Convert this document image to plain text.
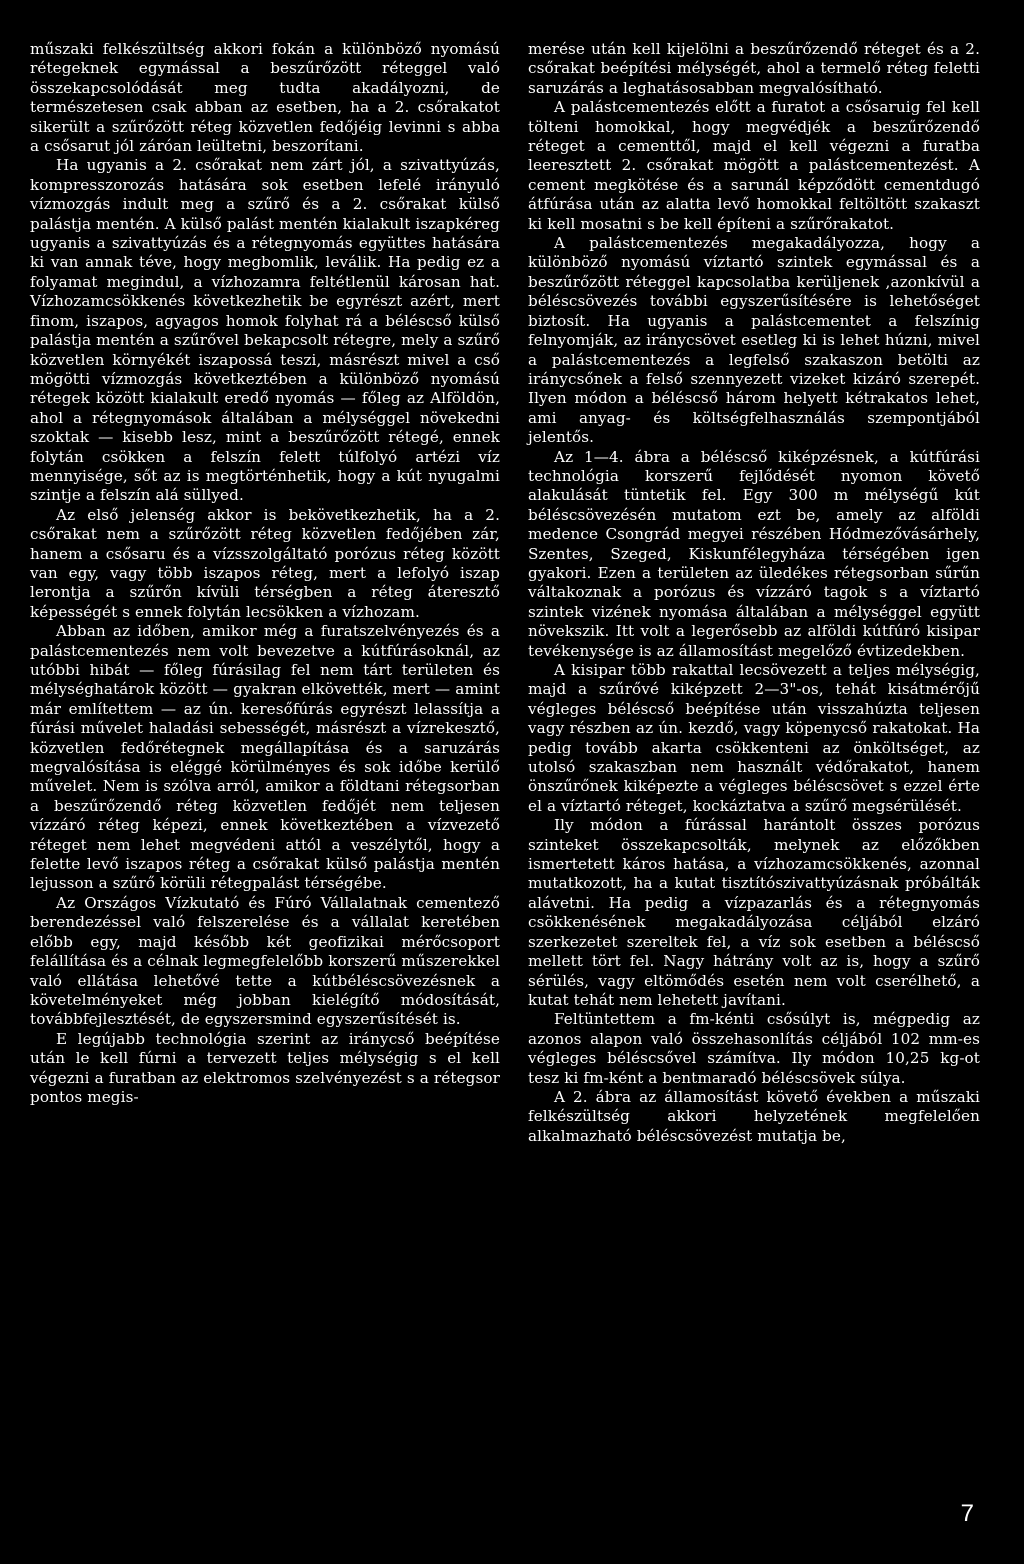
műszaki felkészültség akkori fokán a különböző nyomású rétegeknek egymással a beszűrőzött réteggel való összekapcsolódását meg tudta akadályozni, de természetesen csak abban az esetben, ha a 2. csőrakatot sikerült a szűrőzött réteg közvetlen fedőjéig levinni s abba a csősarut jól záróan leültetni, beszorítani.

Ha ugyanis a 2. csőrakat nem zárt jól, a szivattyúzás, kompresszorozás hatására sok esetben lefelé irányuló vízmozgás indult meg a szűrő és a 2. csőrakat külső palástja mentén. A külső palást mentén kialakult iszapkéreg ugyanis a szivattyúzás és a rétegnyomás együttes hatására ki van annak téve, hogy megbomlik, leválik. Ha pedig ez a folyamat megindul, a vízhozamra feltétlenül károsan hat. Vízhozamcsökkenés következhetik be egyrészt azért, mert finom, iszapos, agyagos homok folyhat rá a béléscső külső palástja mentén a szűrővel bekapcsolt rétegre, mely a szűrő közvetlen környékét iszapossá teszi, másrészt mivel a cső mögötti vízmozgás következtében a különböző nyomású rétegek között kialakult eredő nyomás — főleg az Alföldön, ahol a rétegnyomások általában a mélységgel növekedni szoktak — kisebb lesz, mint a beszűrőzött rétegé, ennek folytán csökken a felszín felett túlfolyó artézi víz mennyisége, sőt az is megtörténhetik, hogy a kút nyugalmi szintje a felszín alá süllyed.

Az első jelenség akkor is bekövetkezhetik, ha a 2. csőrakat nem a szűrőzött réteg közvetlen fedőjében zár, hanem a csősaru és a vízsszolgáltató porózus réteg között van egy, vagy több iszapos réteg, mert a lefolyó iszap lerontja a szűrőn kívüli térségben a réteg áteresztő képességét s ennek folytán lecsökken a vízhozam.

Abban az időben, amikor még a furatszelvényezés és a palástcementezés nem volt bevezetve a kútfúrásoknál, az utóbbi hibát — főleg fúrásilag fel nem tárt területen és mélységhatárok között — gyakran elkövették, mert — amint már említettem — az ún. keresőfúrás egyrészt lelassítja a fúrási művelet haladási sebességét, másrészt a vízrekesztő, közvetlen fedőrétegnek megállapítása és a saruzárás megvalósítása is eléggé körülményes és sok időbe kerülő művelet. Nem is szólva arról, amikor a földtani rétegsorban a beszűrőzendő réteg közvetlen fedőjét nem teljesen vízzáró réteg képezi, ennek következtében a vízvezető réteget nem lehet megvédeni attól a veszélytől, hogy a felette levő iszapos réteg a csőrakat külső palástja mentén lejusson a szűrő körüli rétegpalást térségébe.

Az Országos Vízkutató és Fúró Vállalatnak cementező berendezéssel való felszerelése és a vállalat keretében előbb egy, majd később két geofizikai mérőcsoport felállítása és a célnak legmegfelelőbb korszerű műszerekkel való ellátása lehetővé tette a kútbéléscsövezésnek a követelményeket még jobban kielégítő módosítását, továbbfejlesztését, de egyszersmind egyszerűsítését is.

E legújabb technológia szerint az iránycső beépítése után le kell fúrni a tervezett teljes mélységig s el kell végezni a furatban az elektromos szelvényezést s a rétegsor pontos megis-

merése után kell kijelölni a beszűrőzendő réteget és a 2. csőrakat beépítési mélységét, ahol a termelő réteg feletti saruzárás a leghatásosabban megvalósítható.

A palástcementezés előtt a furatot a csősaruig fel kell tölteni homokkal, hogy megvédjék a beszűrőzendő réteget a cementtől, majd el kell végezni a furatba leeresztett 2. csőrakat mögött a palástcementezést. A cement megkötése és a sarunál képződött cementdugó átfúrása után az alatta levő homokkal feltöltött szakaszt ki kell mosatni s be kell építeni a szűrőrakatot.

A palástcementezés megakadályozza, hogy a különböző nyomású víztartó szintek egymással és a beszűrőzött réteggel kapcsolatba kerüljenek ,azonkívül a béléscsövezés további egyszerűsítésére is lehetőséget biztosít. Ha ugyanis a palástcementet a felszínig felnyomják, az iránycsövet esetleg ki is lehet húzni, mivel a palástcementezés a legfelső szakaszon betölti az iránycsőnek a felső szennyezett vizeket kizáró szerepét. Ilyen módon a béléscső három helyett kétrakatos lehet, ami anyag- és költségfelhasználás szempontjából jelentős.

Az 1—4. ábra a béléscső kiképzésnek, a kútfúrási technológia korszerű fejlődését nyomon követő alakulását tüntetik fel. Egy 300 m mélységű kút béléscsövezésén mutatom ezt be, amely az alföldi medence Csongrád megyei részében Hódmezővásárhely, Szentes, Szeged, Kiskunfélegyháza térségében igen gyakori. Ezen a területen az üledékes rétegsorban sűrűn váltakoznak a porózus és vízzáró tagok s a víztartó szintek vizének nyomása általában a mélységgel együtt növekszik. Itt volt a legerősebb az alföldi kútfúró kisipar tevékenysége is az államosítást megelőző évtizedekben.

A kisipar több rakattal lecsövezett a teljes mélységig, majd a szűrővé kiképzett 2—3"-os, tehát kisátmérőjű végleges béléscső beépítése után visszahúzta teljesen vagy részben az ún. kezdő, vagy köpenycső rakatokat. Ha pedig tovább akarta csökkenteni az önköltséget, az utolsó szakaszban nem használt védőrakatot, hanem önszűrőnek kiképezte a végleges béléscsövet s ezzel érte el a víztartó réteget, kockáztatva a szűrő megsérülését.

Ily módon a fúrással harántolt összes porózus szinteket összekapcsolták, melynek az előzőkben ismertetett káros hatása, a vízhozamcsökkenés, azonnal mutatkozott, ha a kutat tisztítószivattyúzásnak próbálták alávetni. Ha pedig a vízpazarlás és a rétegnyomás csökkenésének megakadályozása céljából elzáró szerkezetet szereltek fel, a víz sok esetben a béléscső mellett tört fel. Nagy hátrány volt az is, hogy a szűrő sérülés, vagy eltömődés esetén nem volt cserélhető, a kutat tehát nem lehetett javítani.

Feltüntettem a fm-kénti csősúlyt is, mégpedig az azonos alapon való összehasonlítás céljából 102 mm-es végleges béléscsővel számítva. Ily módon 10,25 kg-ot tesz ki fm-ként a bentmaradó béléscsövek súlya.

A 2. ábra az államosítást követő években a műszaki felkészültség akkori helyzetének megfelelően alkalmazható béléscsövezést mutatja be,

7
